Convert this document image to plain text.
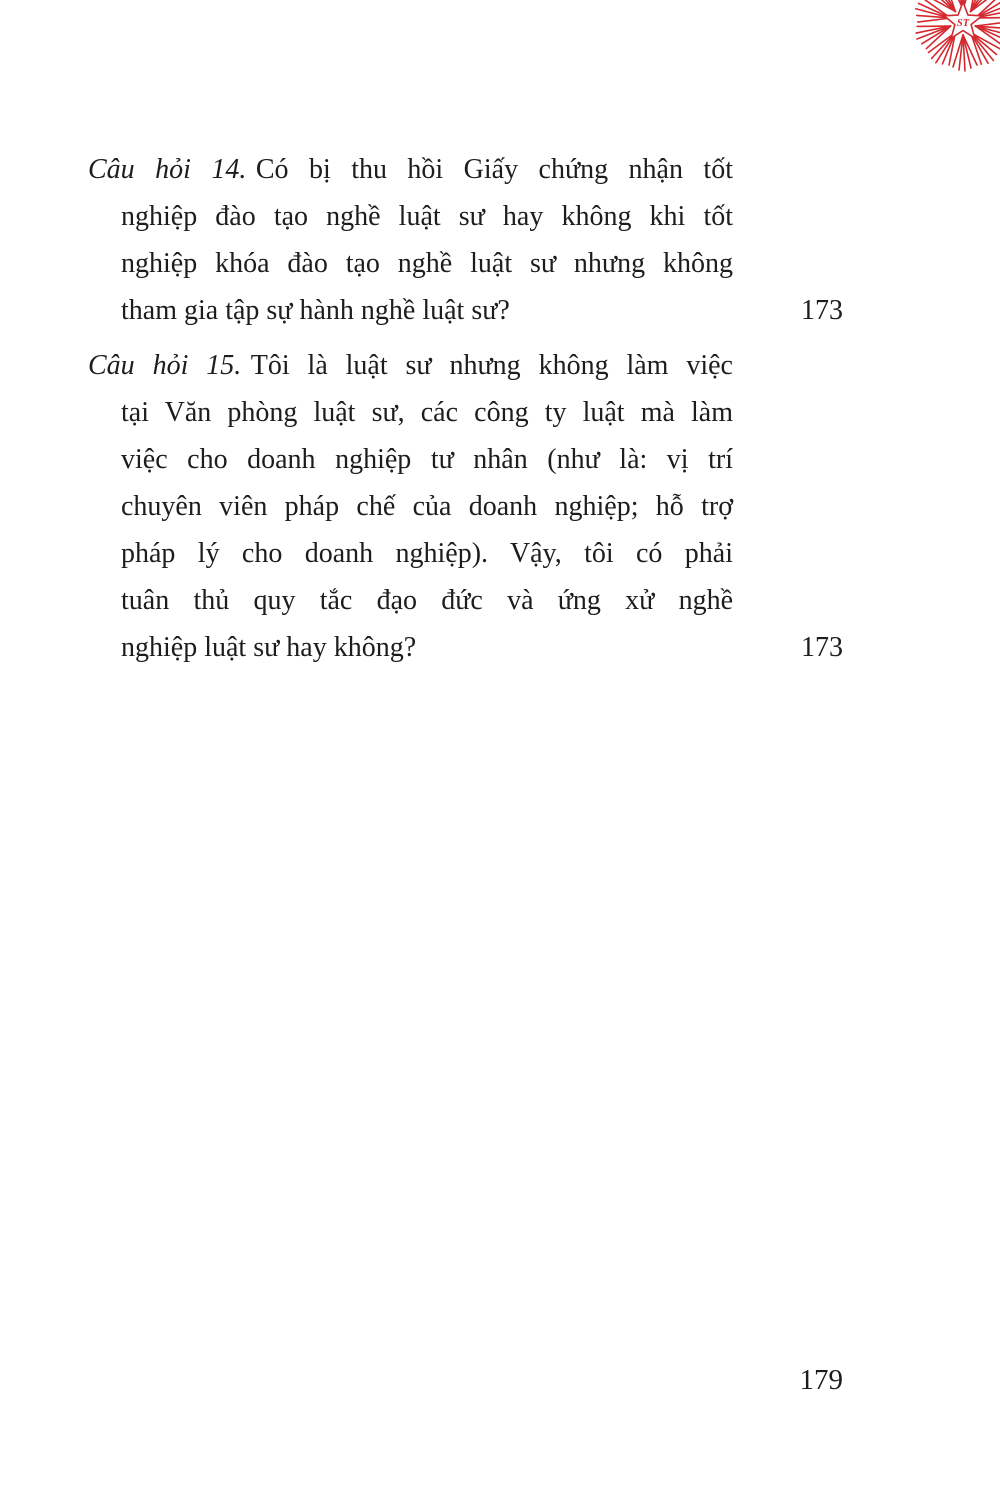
ST
Câu hỏi 14. Có bị thu hồi Giấy chứng nhận tốt
nghiệp đào tạo nghề luật sư hay không khi tốt
nghiệp khóa đào tạo nghề luật sư nhưng không
tham gia tập sự hành nghề luật sư?	173
Câu hỏi 15. Tôi là luật sư nhưng không làm việc
tại Văn phòng luật sư, các công ty luật mà làm
việc cho doanh nghiệp tư nhân (như là: vị trí
chuyên viên pháp chế của doanh nghiệp; hỗ trợ
pháp lý cho doanh nghiệp). Vậy, tôi có phải
tuân thủ quy tắc đạo đức và ứng xử nghề
nghiệp luật sư hay không?	173
179
